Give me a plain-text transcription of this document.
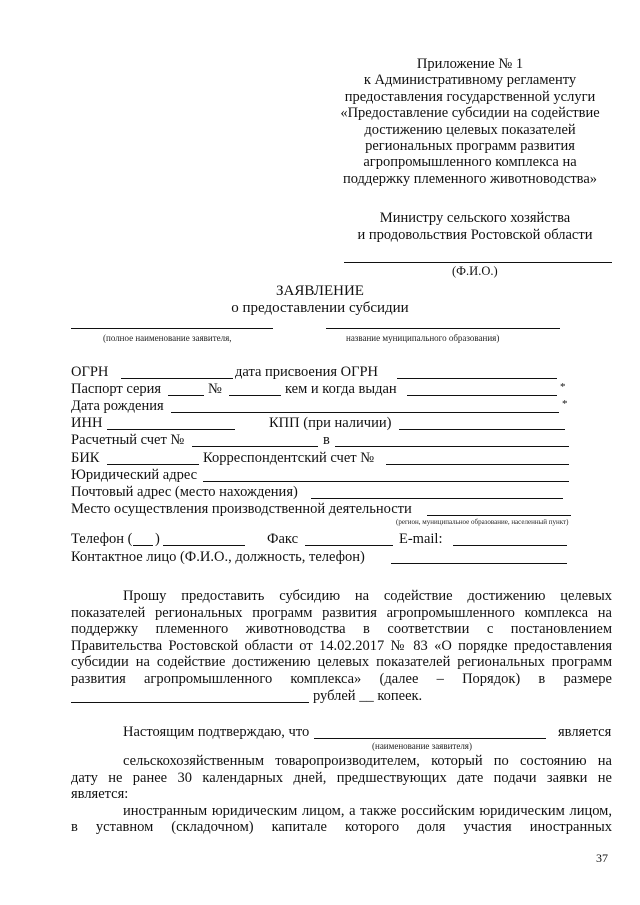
Приложение № 1
к Административному регламенту
предоставления государственной услуги
«Предоставление субсидии на содействие
достижению целевых показателей
региональных программ развития
агропромышленного комплекса на
поддержку племенного животноводства»
Министру сельского хозяйства
и продовольствия Ростовской области
(Ф.И.О.)
ЗАЯВЛЕНИЕ
о предоставлении субсидии
(полное наименование заявителя,	название муниципального образования)
ОГРН	дата присвоения ОГРН
Паспорт серия	№	кем и когда выдан	*
Дата рождения	*
ИНН	КПП (при наличии)
Расчетный счет №	в
БИК	Корреспондентский счет №
Юридический адрес
Почтовый адрес (место нахождения)
Место осуществления производственной деятельности
(регион, муниципальное образование, населенный пункт)
Телефон ( )	Факс	E-mail:
Контактное лицо (Ф.И.О., должность, телефон)
Прошу предоставить субсидию на содействие достижению целевых
показателей региональных программ развития агропромышленного комплекса на
поддержку племенного животноводства в соответствии с постановлением
Правительства Ростовской области от 14.02.2017 № 83 «О порядке предоставления
субсидии на содействие достижению целевых показателей региональных программ
развития агропромышленного комплекса» (далее – Порядок) в размере
рублей __ копеек.
Настоящим подтверждаю, что	является
(наименование заявителя)
сельскохозяйственным товаропроизводителем, который по состоянию на
дату не ранее 30 календарных дней, предшествующих дате подачи заявки не
является:
иностранным юридическим лицом, а также российским юридическим лицом,
в уставном (складочном) капитале которого доля участия иностранных
37
